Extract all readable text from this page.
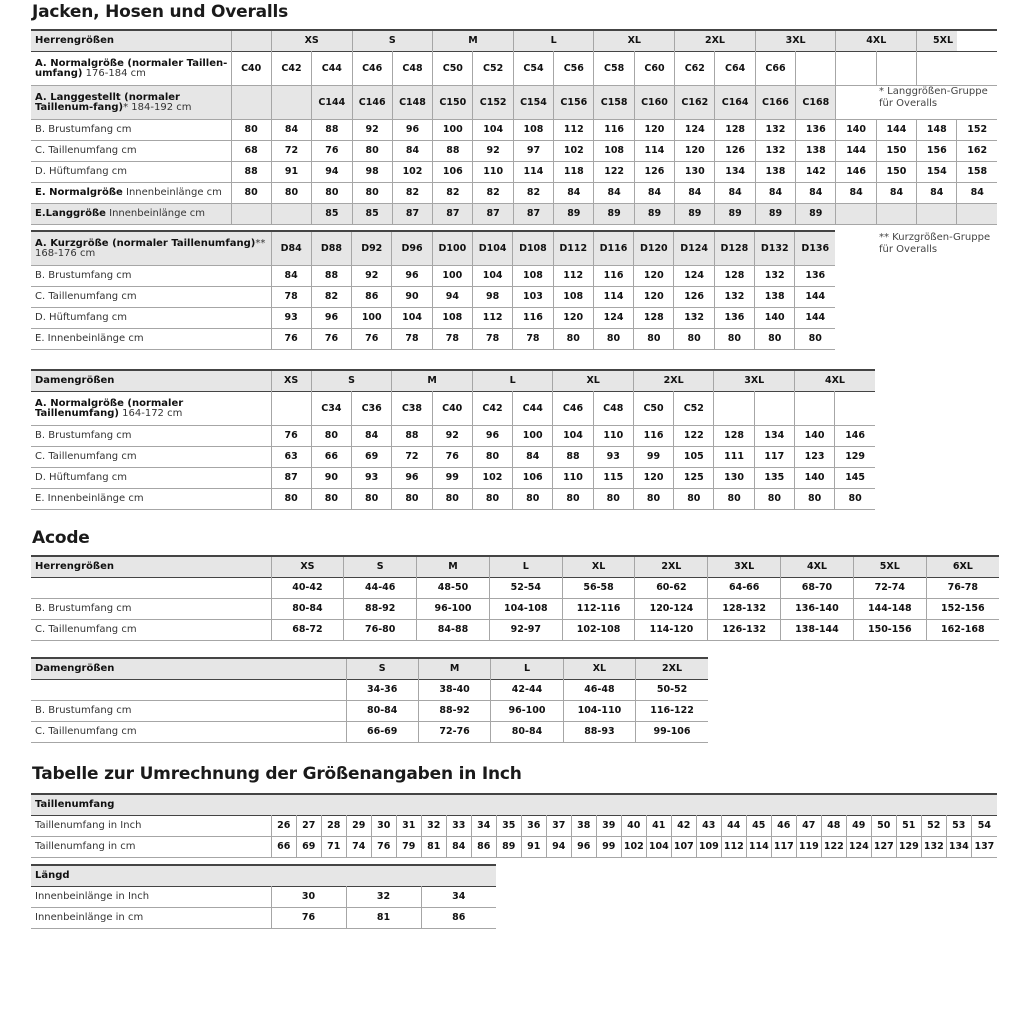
Jacken, Hosen und Overalls
Herrengrößen		XS		S		M		L		XL		2XL		3XL		4XL		5XL	
A. Normalgröße (normaler Taillen-umfang) 176-184 cm	C40	C42	C44	C46	C48	C50	C52	C54	C56	C58	C60	C62	C64	C66					
A. Langgestellt (normaler Taillenum-fang)* 184-192 cm			C144	C146	C148	C150	C152	C154	C156	C158	C160	C162	C164	C166	C168				
B. Brustumfang cm	80	84	88	92	96	100	104	108	112	116	120	124	128	132	136	140	144	148	152
C. Taillenumfang cm	68	72	76	80	84	88	92	97	102	108	114	120	126	132	138	144	150	156	162
D. Hüftumfang cm	88	91	94	98	102	106	110	114	118	122	126	130	134	138	142	146	150	154	158
E. Normalgröße Innenbeinlänge cm	80	80	80	80	82	82	82	82	84	84	84	84	84	84	84	84	84	84	84
E.Langgröße Innenbeinlänge cm			85	85	87	87	87	87	89	89	89	89	89	89	89				
* Langgrößen-Gruppe für Overalls
A. Kurzgröße (normaler Taillenumfang)** 168-176 cm	D84	D88	D92	D96	D100	D104	D108	D112	D116	D120	D124	D128	D132	D136
B. Brustumfang cm	84	88	92	96	100	104	108	112	116	120	124	128	132	136
C. Taillenumfang cm	78	82	86	90	94	98	103	108	114	120	126	132	138	144
D. Hüftumfang cm	93	96	100	104	108	112	116	120	124	128	132	136	140	144
E. Innenbeinlänge cm	76	76	76	78	78	78	78	80	80	80	80	80	80	80
** Kurzgrößen-Gruppe für Overalls
Damengrößen	XS	S		M		L		XL		2XL		3XL		4XL	
A. Normalgröße (normaler Taillenumfang) 164-172 cm		C34	C36	C38	C40	C42	C44	C46	C48	C50	C52				
B. Brustumfang cm	76	80	84	88	92	96	100	104	110	116	122	128	134	140	146
C. Taillenumfang cm	63	66	69	72	76	80	84	88	93	99	105	111	117	123	129
D. Hüftumfang cm	87	90	93	96	99	102	106	110	115	120	125	130	135	140	145
E. Innenbeinlänge cm	80	80	80	80	80	80	80	80	80	80	80	80	80	80	80
Acode
Herrengrößen	XS	S	M	L	XL	2XL	3XL	4XL	5XL	6XL
	40-42	44-46	48-50	52-54	56-58	60-62	64-66	68-70	72-74	76-78
B. Brustumfang cm	80-84	88-92	96-100	104-108	112-116	120-124	128-132	136-140	144-148	152-156
C. Taillenumfang cm	68-72	76-80	84-88	92-97	102-108	114-120	126-132	138-144	150-156	162-168
Damengrößen	S	M	L	XL	2XL
	34-36	38-40	42-44	46-48	50-52
B. Brustumfang cm	80-84	88-92	96-100	104-110	116-122
C. Taillenumfang cm	66-69	72-76	80-84	88-93	99-106
Tabelle zur Umrechnung der Größenangaben in Inch
Taillenumfang																													
Taillenumfang in Inch	26	27	28	29	30	31	32	33	34	35	36	37	38	39	40	41	42	43	44	45	46	47	48	49	50	51	52	53	54
Taillenumfang in cm	66	69	71	74	76	79	81	84	86	89	91	94	96	99	102	104	107	109	112	114	117	119	122	124	127	129	132	134	137
Längd			
Innenbeinlänge in Inch	30	32	34
Innenbeinlänge in cm	76	81	86
